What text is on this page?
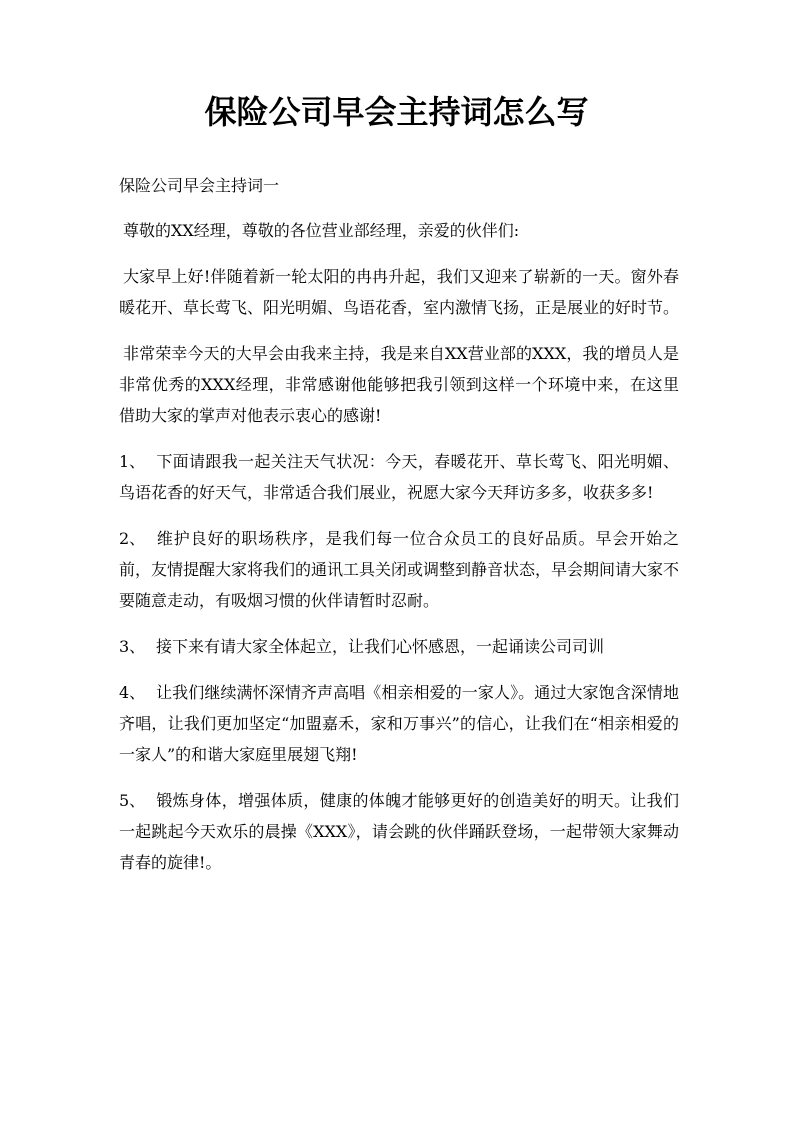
保险公司早会主持词怎么写

保险公司早会主持词一

尊敬的XX经理，尊敬的各位营业部经理，亲爱的伙伴们:

大家早上好!伴随着新一轮太阳的冉冉升起，我们又迎来了崭新的一天。窗外春暖花开、草长莺飞、阳光明媚、鸟语花香，室内激情飞扬，正是展业的好时节。

非常荣幸今天的大早会由我来主持，我是来自XX营业部的XXX，我的增员人是非常优秀的XXX经理，非常感谢他能够把我引领到这样一个环境中来，在这里借助大家的掌声对他表示衷心的感谢!

1、 下面请跟我一起关注天气状况：今天，春暖花开、草长莺飞、阳光明媚、鸟语花香的好天气，非常适合我们展业，祝愿大家今天拜访多多，收获多多!

2、 维护良好的职场秩序，是我们每一位合众员工的良好品质。早会开始之前，友情提醒大家将我们的通讯工具关闭或调整到静音状态，早会期间请大家不要随意走动，有吸烟习惯的伙伴请暂时忍耐。

3、 接下来有请大家全体起立，让我们心怀感恩，一起诵读公司司训

4、 让我们继续满怀深情齐声高唱《相亲相爱的一家人》。通过大家饱含深情地齐唱，让我们更加坚定“加盟嘉禾，家和万事兴”的信心，让我们在“相亲相爱的一家人”的和谐大家庭里展翅飞翔!

5、 锻炼身体，增强体质，健康的体魄才能够更好的创造美好的明天。让我们一起跳起今天欢乐的晨操《XXX》，请会跳的伙伴踊跃登场，一起带领大家舞动青春的旋律!。
